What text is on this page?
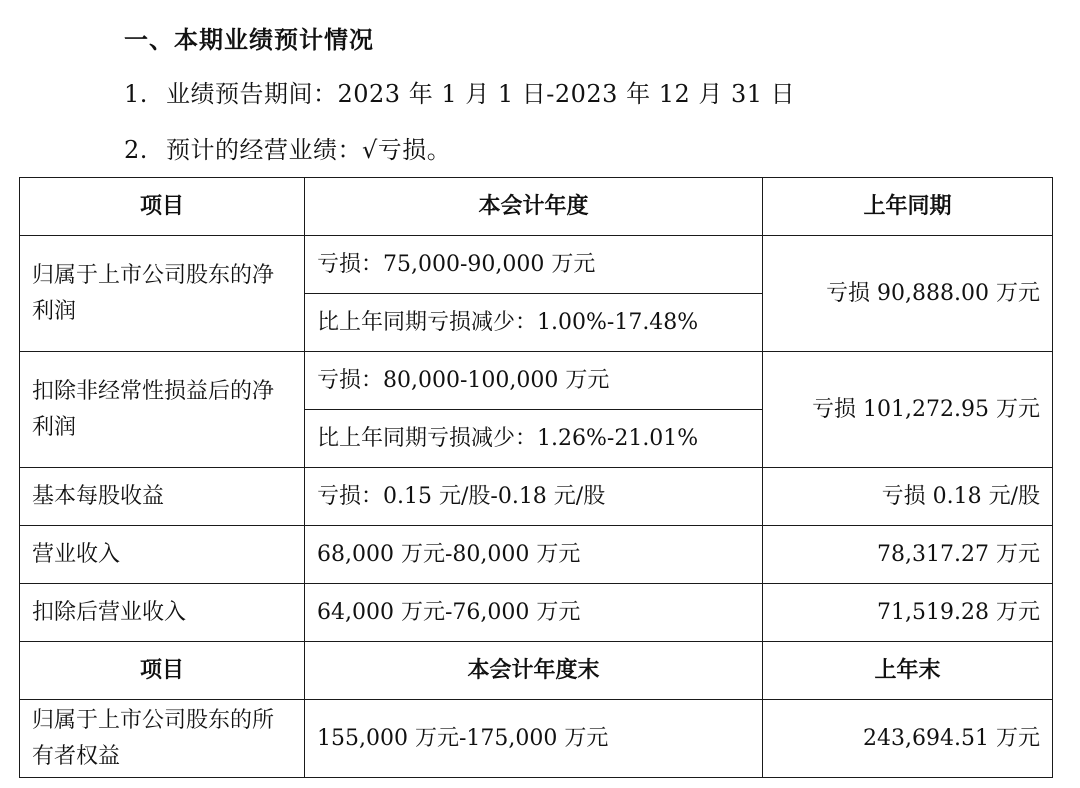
一、本期业绩预计情况

1. 业绩预告期间：2023 年 1 月 1 日-2023 年 12 月 31 日

2. 预计的经营业绩：√亏损。

项目	本会计年度	上年同期
归属于上市公司股东的净利润	亏损：75,000-90,000 万元	亏损 90,888.00 万元
	比上年同期亏损减少：1.00%-17.48%	
扣除非经常性损益后的净利润	亏损：80,000-100,000 万元	亏损 101,272.95 万元
	比上年同期亏损减少：1.26%-21.01%	
基本每股收益	亏损：0.15 元/股-0.18 元/股	亏损 0.18 元/股
营业收入	68,000 万元-80,000 万元	78,317.27 万元
扣除后营业收入	64,000 万元-76,000 万元	71,519.28 万元
项目	本会计年度末	上年末
归属于上市公司股东的所有者权益	155,000 万元-175,000 万元	243,694.51 万元
